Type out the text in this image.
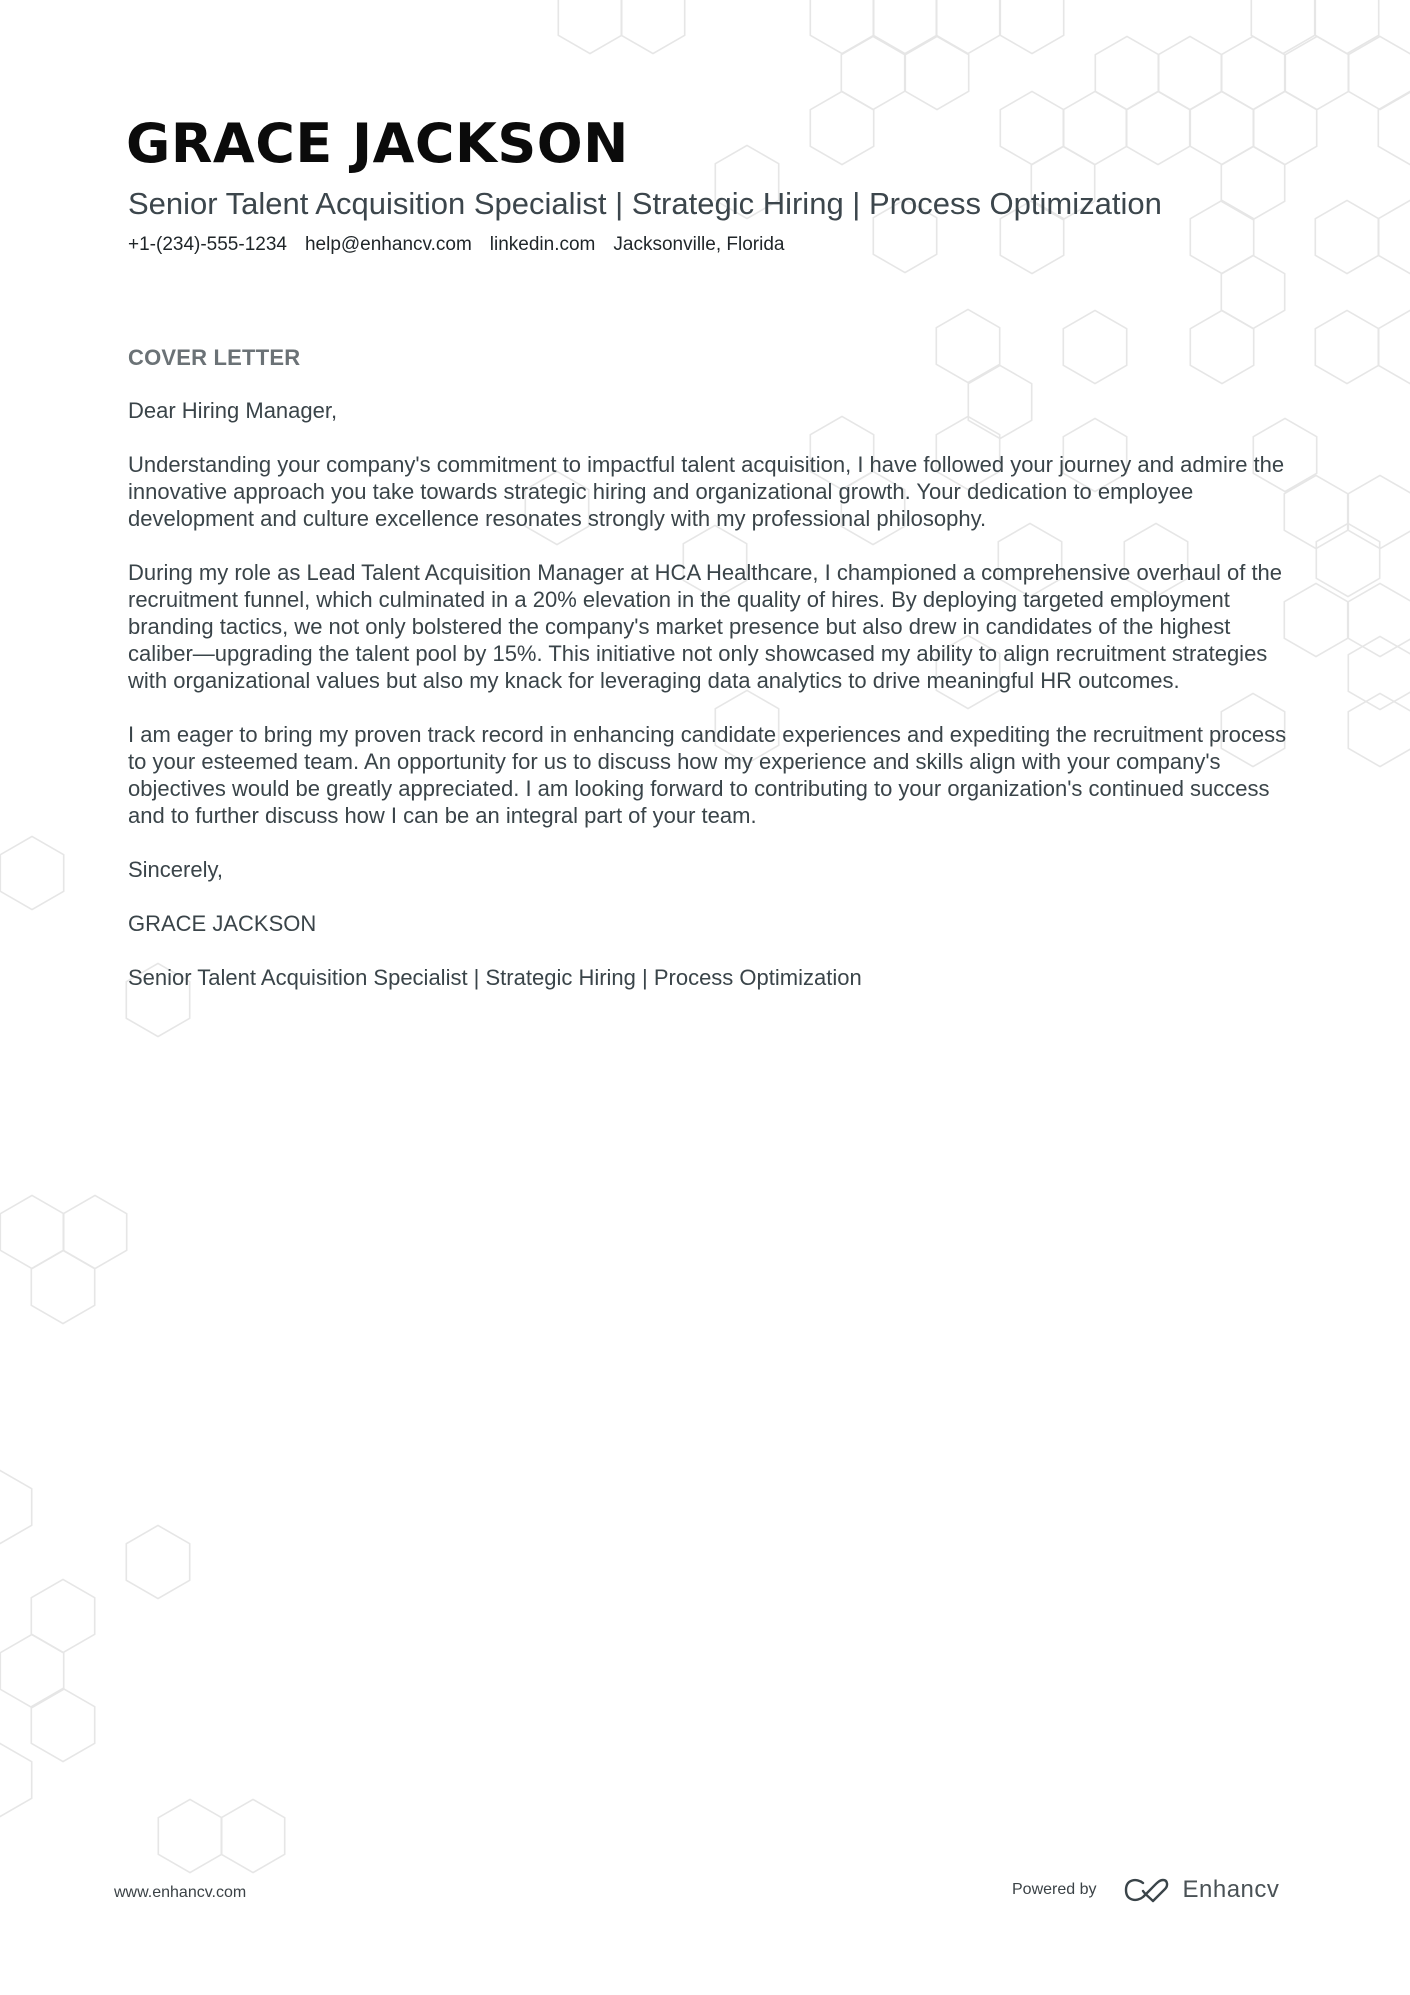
GRACE JACKSON
Senior Talent Acquisition Specialist | Strategic Hiring | Process Optimization
+1-(234)-555-1234 help@enhancv.com linkedin.com Jacksonville, Florida
COVER LETTER

Dear Hiring Manager,

Understanding your company's commitment to impactful talent acquisition, I have followed your journey and admire the innovative approach you take towards strategic hiring and organizational growth. Your dedication to employee development and culture excellence resonates strongly with my professional philosophy.

During my role as Lead Talent Acquisition Manager at HCA Healthcare, I championed a comprehensive overhaul of the recruitment funnel, which culminated in a 20% elevation in the quality of hires. By deploying targeted employment branding tactics, we not only bolstered the company's market presence but also drew in candidates of the highest caliber—upgrading the talent pool by 15%. This initiative not only showcased my ability to align recruitment strategies with organizational values but also my knack for leveraging data analytics to drive meaningful HR outcomes.

I am eager to bring my proven track record in enhancing candidate experiences and expediting the recruitment process to your esteemed team. An opportunity for us to discuss how my experience and skills align with your company's objectives would be greatly appreciated. I am looking forward to contributing to your organization's continued success and to further discuss how I can be an integral part of your team.

Sincerely,

GRACE JACKSON

Senior Talent Acquisition Specialist | Strategic Hiring | Process Optimization

www.enhancv.com	Powered by	Enhancv
